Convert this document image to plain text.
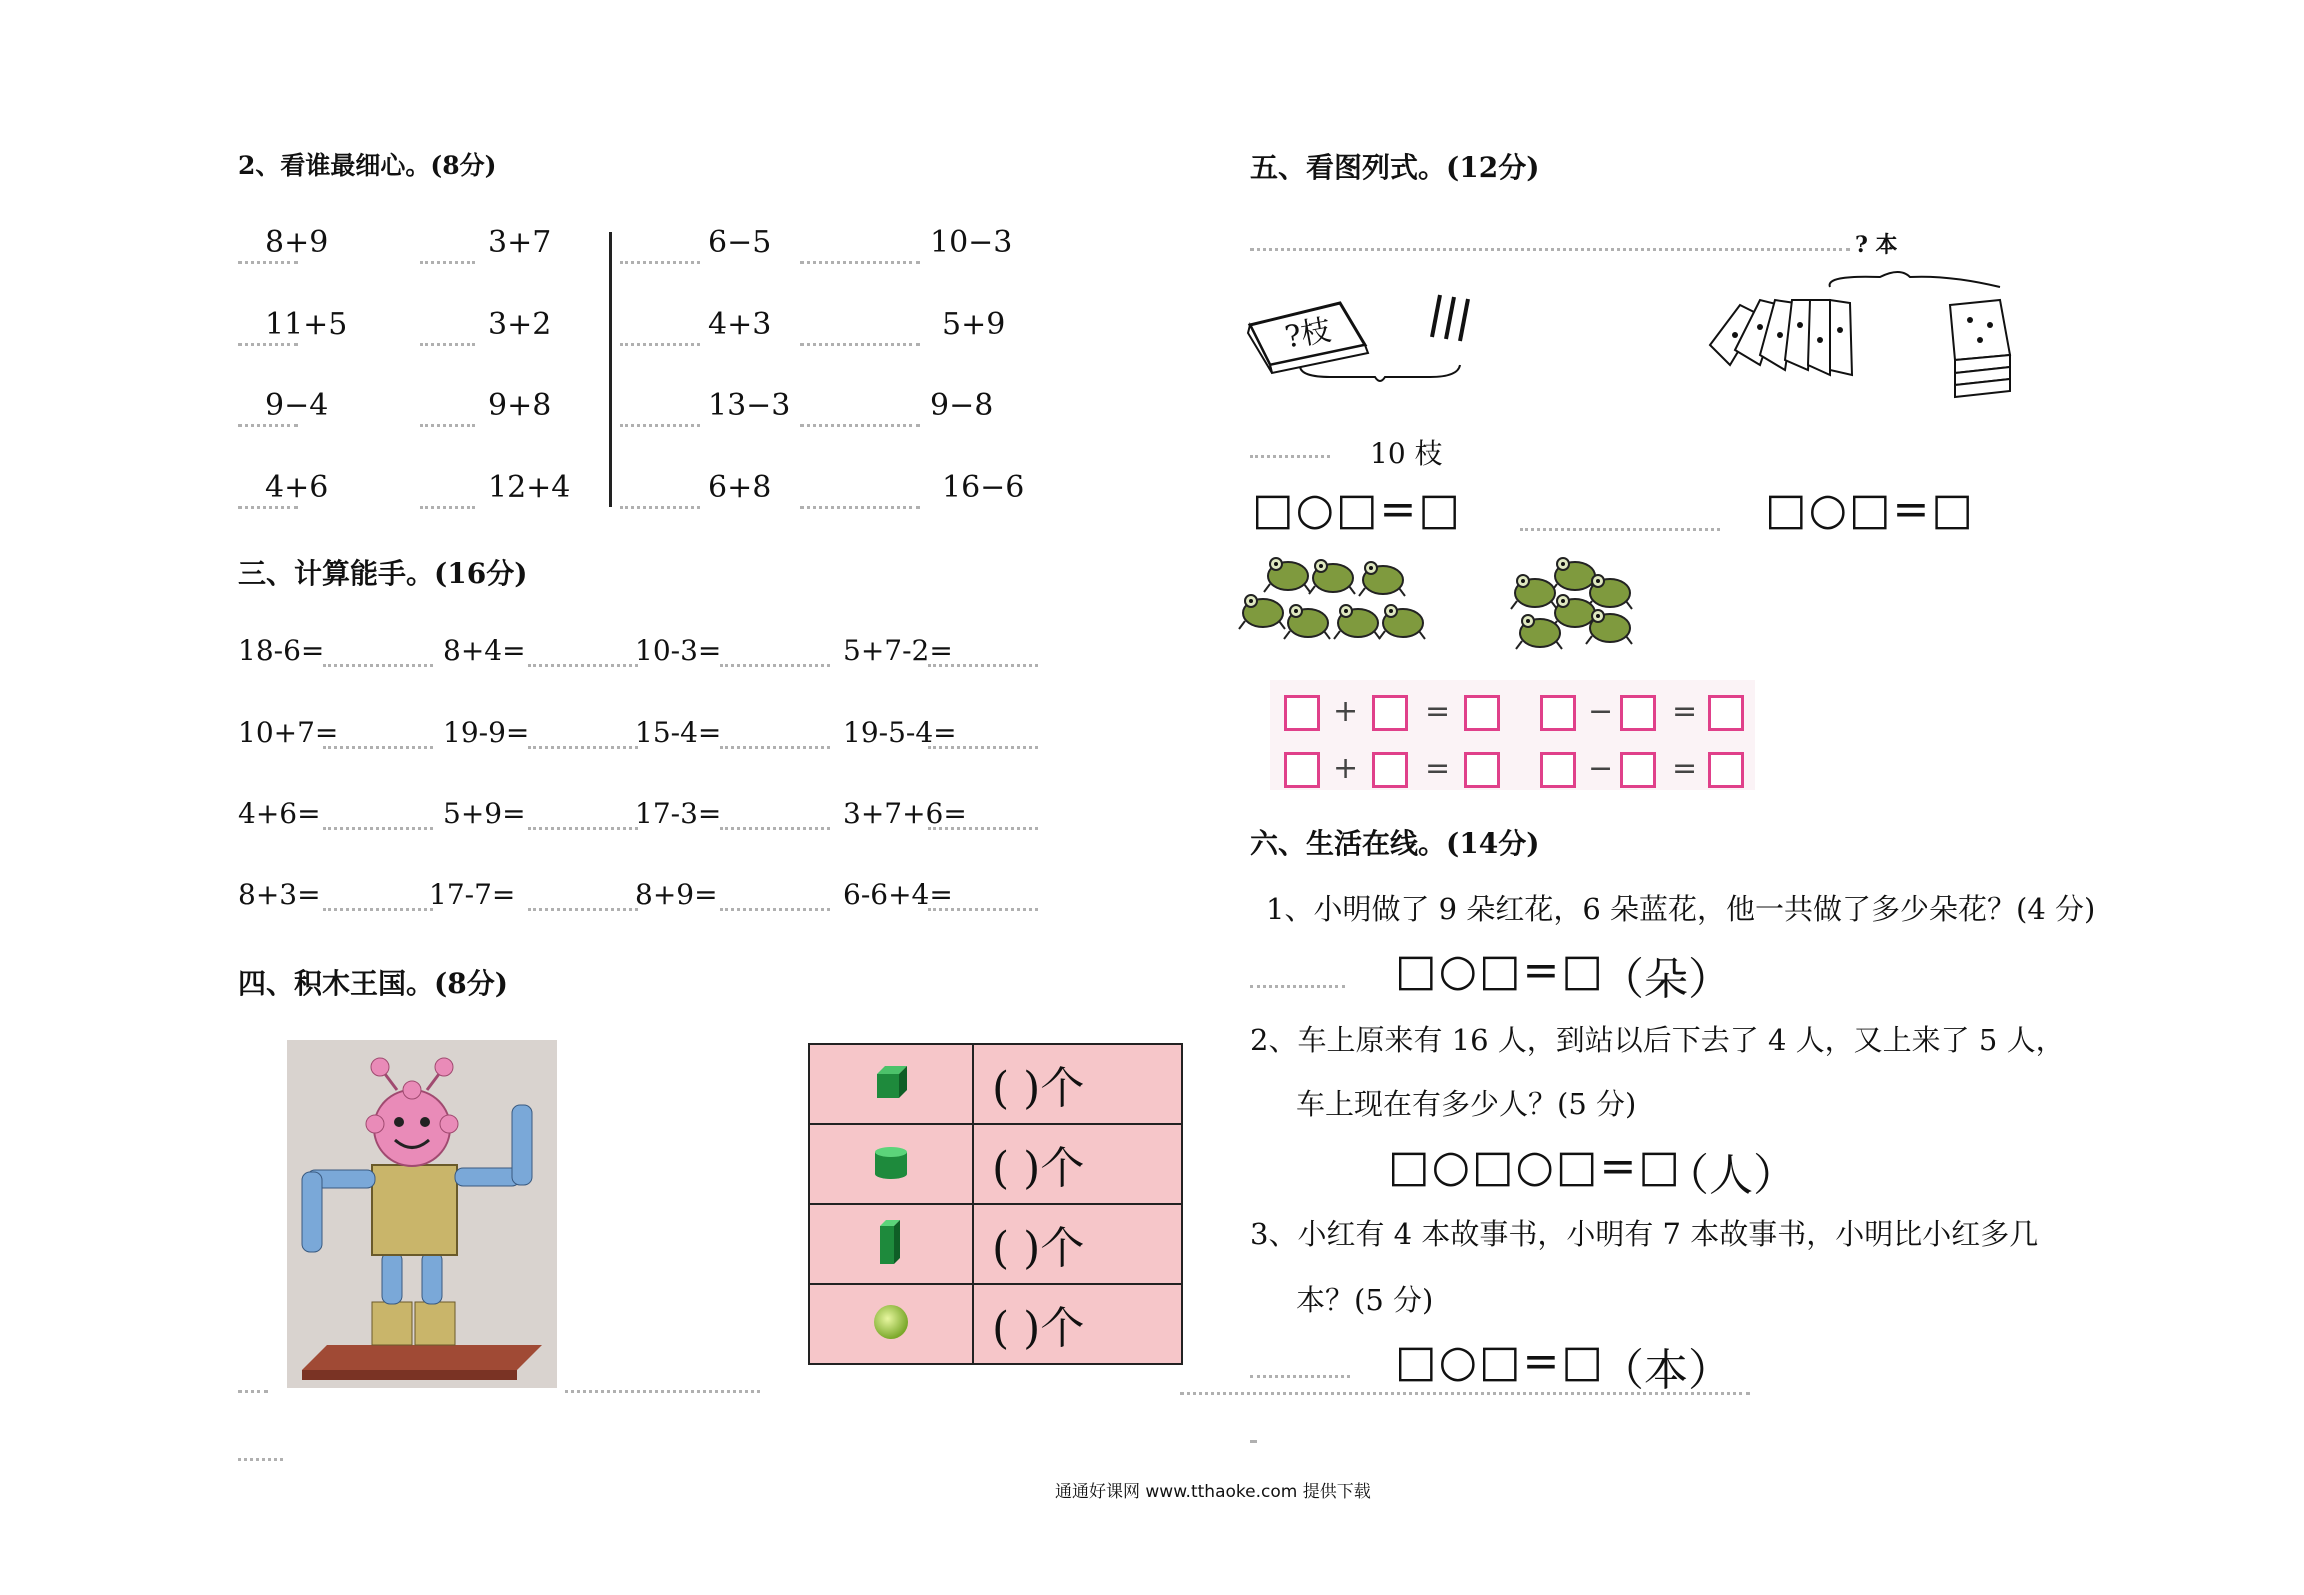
2、看谁最细心。(8分)
8+9	3+7	6−5	10−3
11+5	3+2	4+3	5+9
9−4	9+8	13−3	9−8
4+6	12+4	6+8	16−6
三、计算能手。(16分)
18-6=	8+4=	10-3=	5+7-2=
10+7=	19-9=	15-4=	19-5-4=
4+6=	5+9=	17-3=	3+7+6=
8+3=	17-7=	8+9=	6-6+4=
四、积木王国。(8分)
	( )个
	( )个
	( )个
	( )个
五、看图列式。(12分)
? 本
?枝
10 枝
□○□=□	□○□=□
+ =	− =
+ =	− =
六、生活在线。(14分)
1、小明做了 9 朵红花，6 朵蓝花，他一共做了多少朵花？(4 分)
□○□=□
（朵）
2、车上原来有 16 人，到站以后下去了 4 人，又上来了 5 人，
车上现在有多少人？(5 分)
□○□○□=□
（人）
3、小红有 4 本故事书，小明有 7 本故事书，小明比小红多几
本？(5 分)
□○□=□
（本）
通通好课网 www.tthaoke.com 提供下载
